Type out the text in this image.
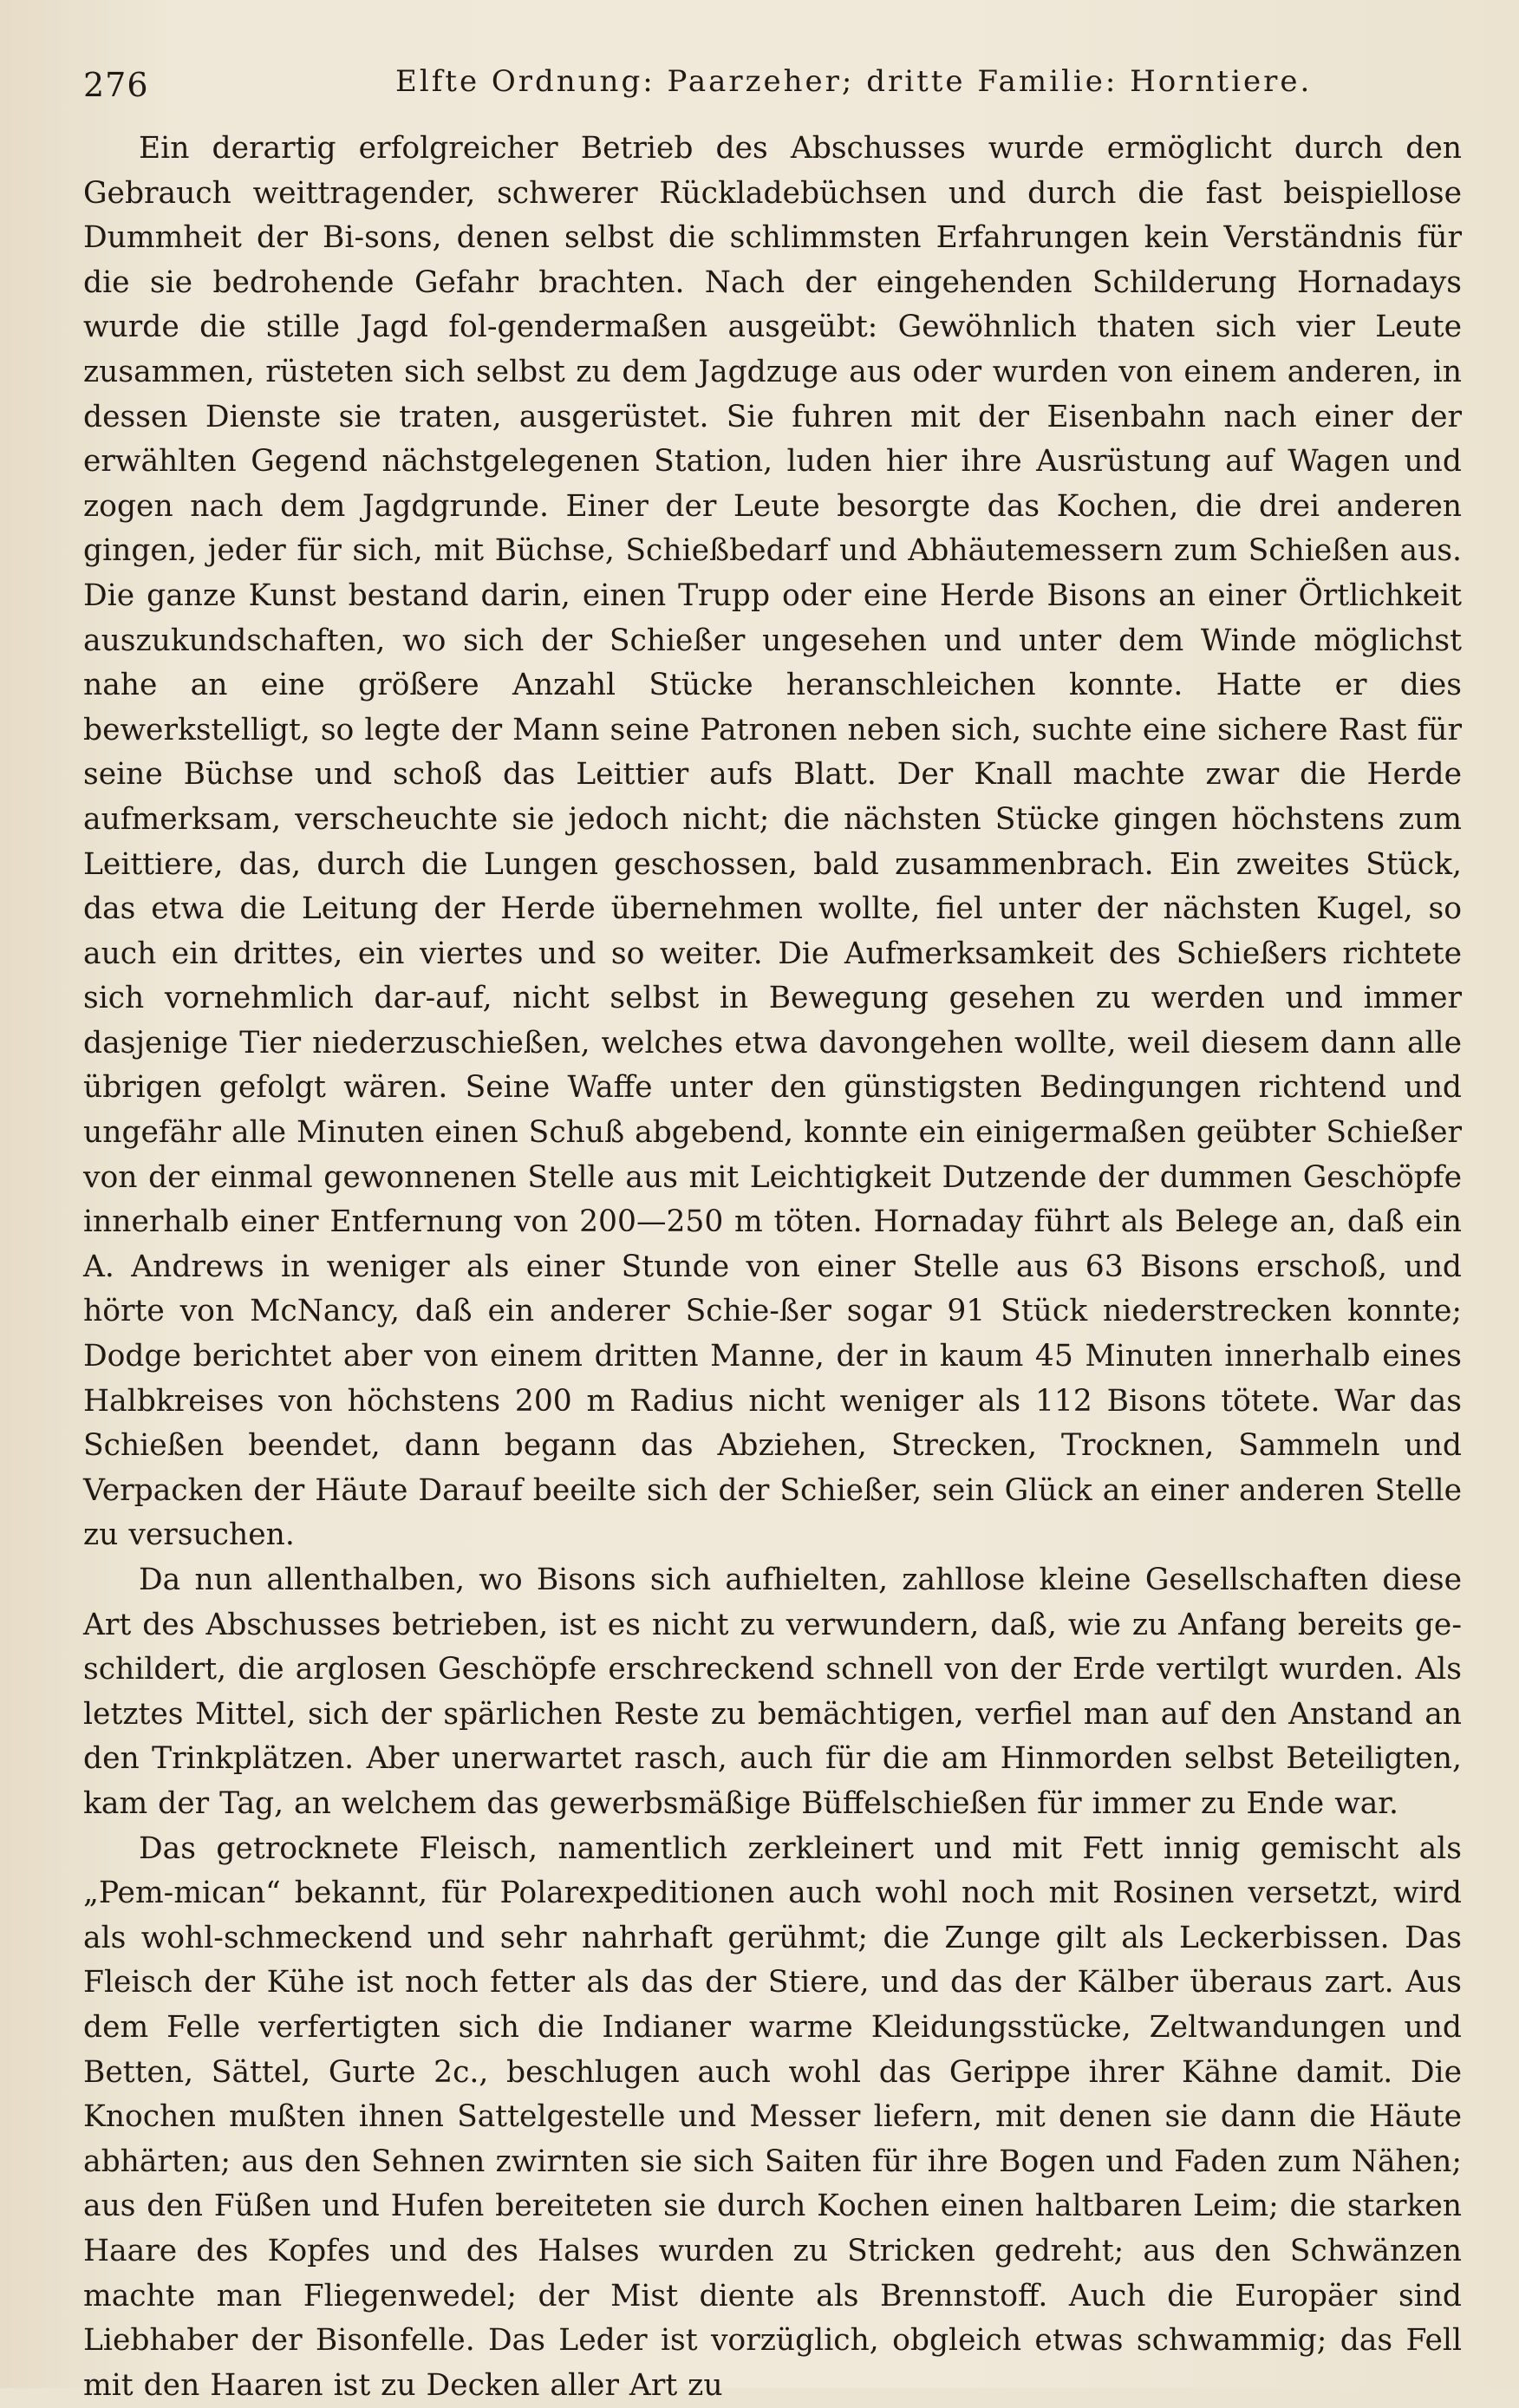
276	Elfte Ordnung: Paarzeher; dritte Familie: Horntiere.

Ein derartig erfolgreicher Betrieb des Abschusses wurde ermöglicht durch den Gebrauch weittragender, schwerer Rückladebüchsen und durch die fast beispiellose Dummheit der Bi-sons, denen selbst die schlimmsten Erfahrungen kein Verständnis für die sie bedrohende Gefahr brachten. Nach der eingehenden Schilderung Hornadays wurde die stille Jagd fol-gendermaßen ausgeübt: Gewöhnlich thaten sich vier Leute zusammen, rüsteten sich selbst zu dem Jagdzuge aus oder wurden von einem anderen, in dessen Dienste sie traten, ausgerüstet. Sie fuhren mit der Eisenbahn nach einer der erwählten Gegend nächstgelegenen Station, luden hier ihre Ausrüstung auf Wagen und zogen nach dem Jagdgrunde. Einer der Leute besorgte das Kochen, die drei anderen gingen, jeder für sich, mit Büchse, Schießbedarf und Abhäutemessern zum Schießen aus. Die ganze Kunst bestand darin, einen Trupp oder eine Herde Bisons an einer Örtlichkeit auszukundschaften, wo sich der Schießer ungesehen und unter dem Winde möglichst nahe an eine größere Anzahl Stücke heranschleichen konnte. Hatte er dies bewerkstelligt, so legte der Mann seine Patronen neben sich, suchte eine sichere Rast für seine Büchse und schoß das Leittier aufs Blatt. Der Knall machte zwar die Herde aufmerksam, verscheuchte sie jedoch nicht; die nächsten Stücke gingen höchstens zum Leittiere, das, durch die Lungen geschossen, bald zusammenbrach. Ein zweites Stück, das etwa die Leitung der Herde übernehmen wollte, fiel unter der nächsten Kugel, so auch ein drittes, ein viertes und so weiter. Die Aufmerksamkeit des Schießers richtete sich vornehmlich dar-auf, nicht selbst in Bewegung gesehen zu werden und immer dasjenige Tier niederzuschießen, welches etwa davongehen wollte, weil diesem dann alle übrigen gefolgt wären. Seine Waffe unter den günstigsten Bedingungen richtend und ungefähr alle Minuten einen Schuß abgebend, konnte ein einigermaßen geübter Schießer von der einmal gewonnenen Stelle aus mit Leichtigkeit Dutzende der dummen Geschöpfe innerhalb einer Entfernung von 200—250 m töten. Hornaday führt als Belege an, daß ein A. Andrews in weniger als einer Stunde von einer Stelle aus 63 Bisons erschoß, und hörte von McNancy, daß ein anderer Schie-ßer sogar 91 Stück niederstrecken konnte; Dodge berichtet aber von einem dritten Manne, der in kaum 45 Minuten innerhalb eines Halbkreises von höchstens 200 m Radius nicht weniger als 112 Bisons tötete. War das Schießen beendet, dann begann das Abziehen, Strecken, Trocknen, Sammeln und Verpacken der Häute Darauf beeilte sich der Schießer, sein Glück an einer anderen Stelle zu versuchen.

Da nun allenthalben, wo Bisons sich aufhielten, zahllose kleine Gesellschaften diese Art des Abschusses betrieben, ist es nicht zu verwundern, daß, wie zu Anfang bereits ge-schildert, die arglosen Geschöpfe erschreckend schnell von der Erde vertilgt wurden. Als letztes Mittel, sich der spärlichen Reste zu bemächtigen, verfiel man auf den Anstand an den Trinkplätzen. Aber unerwartet rasch, auch für die am Hinmorden selbst Beteiligten, kam der Tag, an welchem das gewerbsmäßige Büffelschießen für immer zu Ende war.

Das getrocknete Fleisch, namentlich zerkleinert und mit Fett innig gemischt als „Pem-mican“ bekannt, für Polarexpeditionen auch wohl noch mit Rosinen versetzt, wird als wohl-schmeckend und sehr nahrhaft gerühmt; die Zunge gilt als Leckerbissen. Das Fleisch der Kühe ist noch fetter als das der Stiere, und das der Kälber überaus zart. Aus dem Felle verfertigten sich die Indianer warme Kleidungsstücke, Zeltwandungen und Betten, Sättel, Gurte 2c., beschlugen auch wohl das Gerippe ihrer Kähne damit. Die Knochen mußten ihnen Sattelgestelle und Messer liefern, mit denen sie dann die Häute abhärten; aus den Sehnen zwirnten sie sich Saiten für ihre Bogen und Faden zum Nähen; aus den Füßen und Hufen bereiteten sie durch Kochen einen haltbaren Leim; die starken Haare des Kopfes und des Halses wurden zu Stricken gedreht; aus den Schwänzen machte man Fliegenwedel; der Mist diente als Brennstoff. Auch die Europäer sind Liebhaber der Bisonfelle. Das Leder ist vorzüglich, obgleich etwas schwammig; das Fell mit den Haaren ist zu Decken aller Art zu
